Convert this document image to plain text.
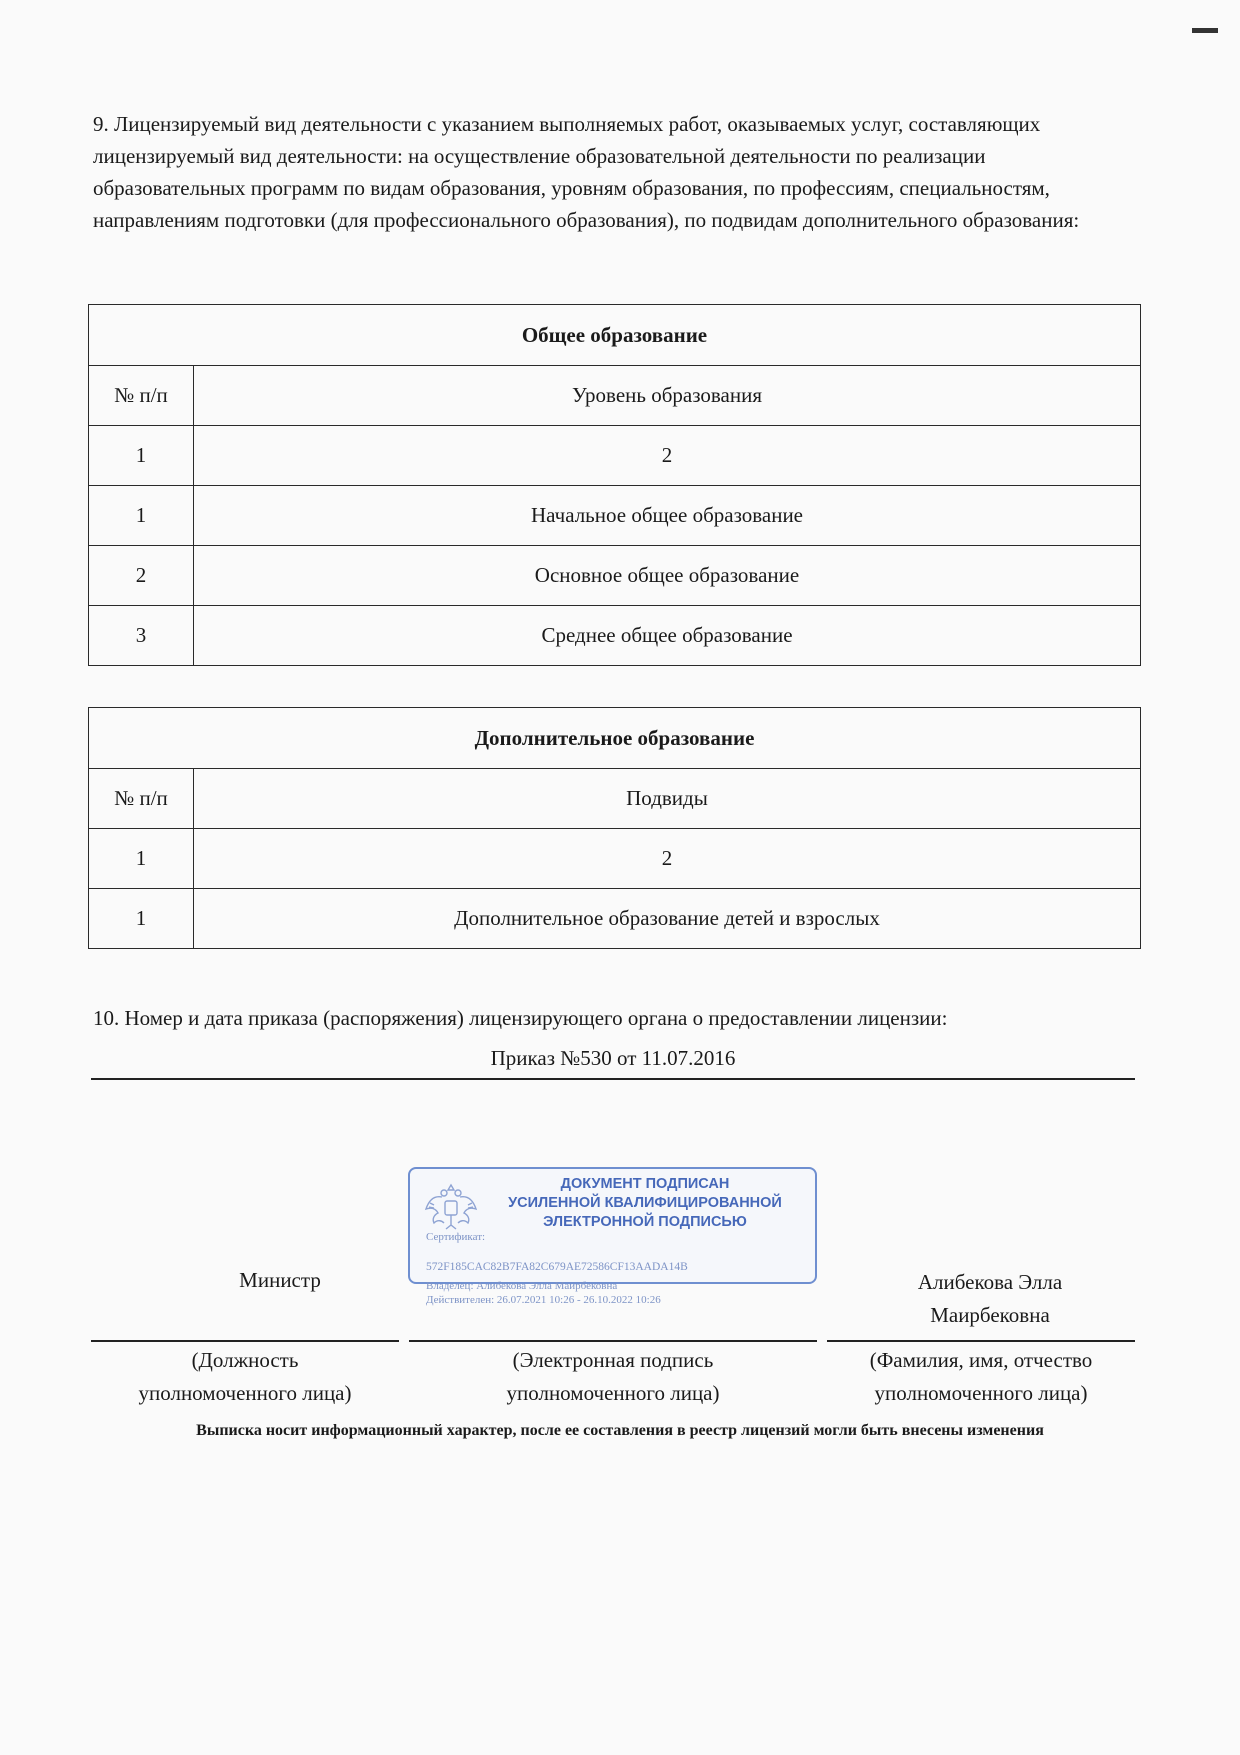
9. Лицензируемый вид деятельности с указанием выполняемых работ, оказываемых услуг, составляющих лицензируемый вид деятельности: на осуществление образовательной деятельности по реализации образовательных программ по видам образования, уровням образования, по профессиям, специальностям, направлениям подготовки (для профессионального образования), по подвидам дополнительного образования:

Общее образование	
№ п/п	Уровень образования
1	2
1	Начальное общее образование
2	Основное общее образование
3	Среднее общее образование
Дополнительное образование	
№ п/п	Подвиды
1	2
1	Дополнительное образование детей и взрослых
10. Номер и дата приказа (распоряжения) лицензирующего органа о предоставлении лицензии:
Приказ №530 от 11.07.2016
ДОКУМЕНТ ПОДПИСАН
УСИЛЕННОЙ КВАЛИФИЦИРОВАННОЙ
ЭЛЕКТРОННОЙ ПОДПИСЬЮ
Сертификат:
572F185CAC82B7FA82C679AE72586CF13AADA14B
Владелец: Алибекова Элла Маирбековна
Действителен: 26.07.2021 10:26 - 26.10.2022 10:26
Министр	Алибекова Элла
Маирбековна
(Должность
уполномоченного лица)
(Электронная подпись
уполномоченного лица)
(Фамилия, имя, отчество
уполномоченного лица)
Выписка носит информационный характер, после ее составления в реестр лицензий могли быть внесены изменения
